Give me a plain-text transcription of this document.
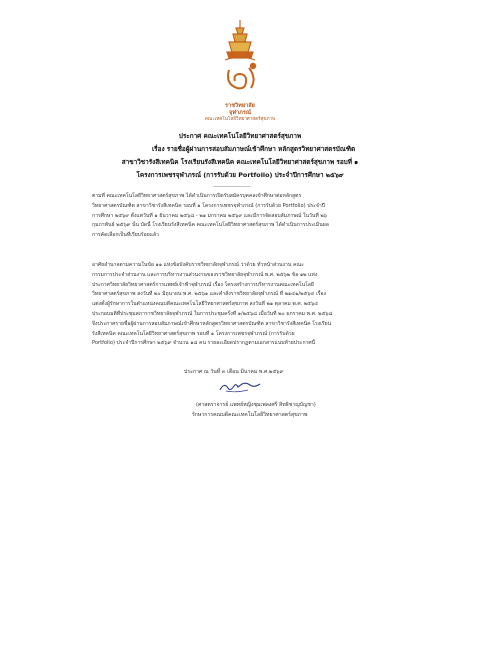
ราชวิทยาลัย
จุฬาภรณ์
คณะเทคโนโลยีวิทยาศาสตร์สุขภาพ
ประกาศ คณะเทคโนโลยีวิทยาศาสตร์สุขภาพ
เรื่อง รายชื่อผู้ผ่านการสอบสัมภาษณ์เข้าศึกษา หลักสูตรวิทยาศาสตรบัณฑิต
สาขาวิชารังสีเทคนิค โรงเรียนรังสีเทคนิค คณะเทคโนโลยีวิทยาศาสตร์สุขภาพ รอบที่ ๑
โครงการเพชรจุฬาภรณ์ (การรับด้วย Portfolio) ประจำปีการศึกษา ๒๕๖๙
-------------------
ตามที่ คณะเทคโนโลยีวิทยาศาสตร์สุขภาพ ได้ดำเนินการเปิดรับสมัครบุคคลเข้าศึกษาต่อหลักสูตร
วิทยาศาสตรบัณฑิต สาขาวิชารังสีเทคนิค รอบที่ ๑ โครงการเพชรจุฬาภรณ์ (การรับด้วย Portfolio) ประจำปี
การศึกษา ๒๕๖๙ ตั้งแต่วันที่ ๑ ธันวาคม ๒๕๖๘ - ๒๑ มกราคม ๒๕๖๙ และมีการจัดสอบสัมภาษณ์ ในวันที่ ๒๖
กุมภาพันธ์ ๒๕๖๙ นั้น บัดนี้ โรงเรียนรังสีเทคนิค คณะเทคโนโลยีวิทยาศาสตร์สุขภาพ ได้ดำเนินการประเมินผล
การคัดเลือกเป็นที่เรียบร้อยแล้ว
อาศัยอำนาจตามความในข้อ ๑๑ แห่งข้อบังคับราชวิทยาลัยจุฬาภรณ์ ว่าด้วย ทั่วหน้าส่วนงาน คณะ
กรรมการประจำส่วนงาน และการบริหารงานส่วนงานของราชวิทยาลัยจุฬาภรณ์ พ.ศ. ๒๕๖๒ ข้อ ๑๒ แห่ง
ประกาศวิทยาลัยวิทยาศาสตร์การแพทย์เจ้าฟ้าจุฬาภรณ์ เรื่อง โครงสร้างการบริหารงานคณะเทคโนโลยี
วิทยาศาสตร์สุขภาพ ลงวันที่ ๒๐ มิถุนายน พ.ศ. ๒๕๖๑ และคำสั่งราชวิทยาลัยจุฬาภรณ์ ที่ ๒๑๔๑/๒๕๖๔ เรื่อง
แต่งตั้งผู้รักษาการในตำแหน่งคณบดีคณะเทคโนโลยีวิทยาศาสตร์สุขภาพ ลงวันที่ ๒๑ ตุลาคม พ.ศ. ๒๕๖๔
ประกอบมติที่ประชุมสภาราชวิทยาลัยจุฬาภรณ์ ในการประชุมครั้งที่ ๑/๒๕๖๘ เมื่อวันที่ ๒๐ มกราคม พ.ศ. ๒๕๖๘
จึงประกาศรายชื่อผู้ผ่านการสอบสัมภาษณ์เข้าศึกษาหลักสูตรวิทยาศาสตรบัณฑิต สาขาวิชารังสีเทคนิค โรงเรียน
รังสีเทคนิค คณะเทคโนโลยีวิทยาศาสตร์สุขภาพ รอบที่ ๑ โครงการเพชรจุฬาภรณ์ (การรับด้วย
Portfolio) ประจำปีการศึกษา ๒๕๖๙ จำนวน ๑๘ คน รายละเอียดปรากฏตามเอกสารแนบท้ายประกาศนี้
ประกาศ ณ วันที่ ๓ เดือน มีนาคม พ.ศ.๒๕๖๙
(ศาสตราจารย์ แพทย์หญิงชุมเพลงศรี สิทธิชาญบัญชา)
รักษาการคณบดีคณะเทคโนโลยีวิทยาศาสตร์สุขภาพ
